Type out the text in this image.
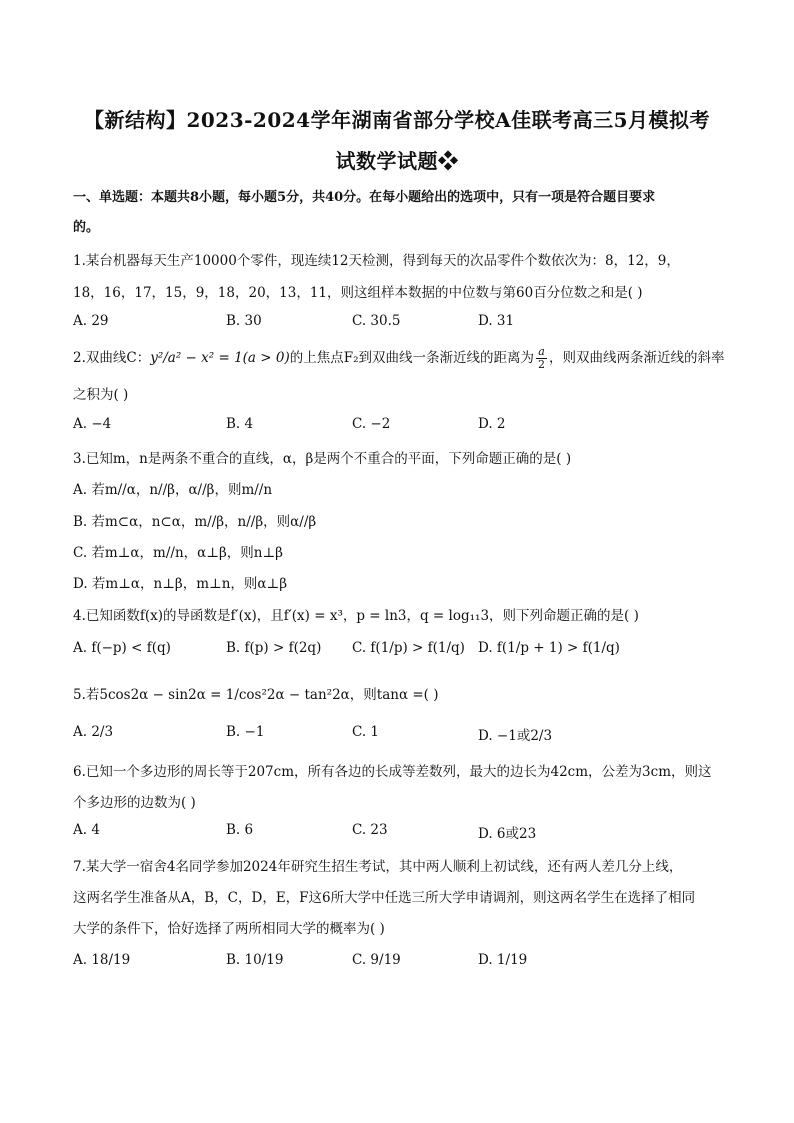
【新结构】2023-2024学年湖南省部分学校A佳联考高三5月模拟考
试数学试题❖
一、单选题：本题共8小题，每小题5分，共40分。在每小题给出的选项中，只有一项是符合题目要求
的。
1.某台机器每天生产10000个零件，现连续12天检测，得到每天的次品零件个数依次为：8，12，9，
18，16，17，15，9，18，20，13，11，则这组样本数据的中位数与第60百分位数之和是( )
A. 29	B. 30	C. 30.5	D. 31
2.双曲线C：y²/a² − x² = 1(a > 0)的上焦点F₂到双曲线一条渐近线的距离为 $\frac{a}{2}$ ，则双曲线两条渐近线的斜率
之积为( )
A. −4	B. 4	C. −2	D. 2
3.已知m，n是两条不重合的直线，α，β是两个不重合的平面，下列命题正确的是( )
A. 若m//α，n//β，α//β，则m//n
B. 若m⊂α，n⊂α，m//β，n//β，则α//β
C. 若m⊥α，m//n，α⊥β，则n⊥β
D. 若m⊥α，n⊥β，m⊥n，则α⊥β
4.已知函数f(x)的导函数是f′(x)，且f′(x) = x³，p = ln3，q = log₁₁3，则下列命题正确的是( )
A. f(−p) < f(q)	B. f(p) > f(2q) C. f(1/p) > f(1/q) D. f(1/p + 1) > f(1/q)
5.若5cos2α − sin2α = 1/cos²2α − tan²2α，则tanα =( )
A. 2/3	B. −1	C. 1	D. −1或2/3
6.已知一个多边形的周长等于207cm，所有各边的长成等差数列，最大的边长为42cm，公差为3cm，则这
个多边形的边数为( )
A. 4	B. 6	C. 23	D. 6或23
7.某大学一宿舍4名同学参加2024年研究生招生考试，其中两人顺利上初试线，还有两人差几分上线，
这两名学生准备从A，B，C，D，E，F这6所大学中任选三所大学申请调剂，则这两名学生在选择了相同
大学的条件下，恰好选择了两所相同大学的概率为( )
A. 18/19	B. 10/19	C. 9/19	D. 1/19
